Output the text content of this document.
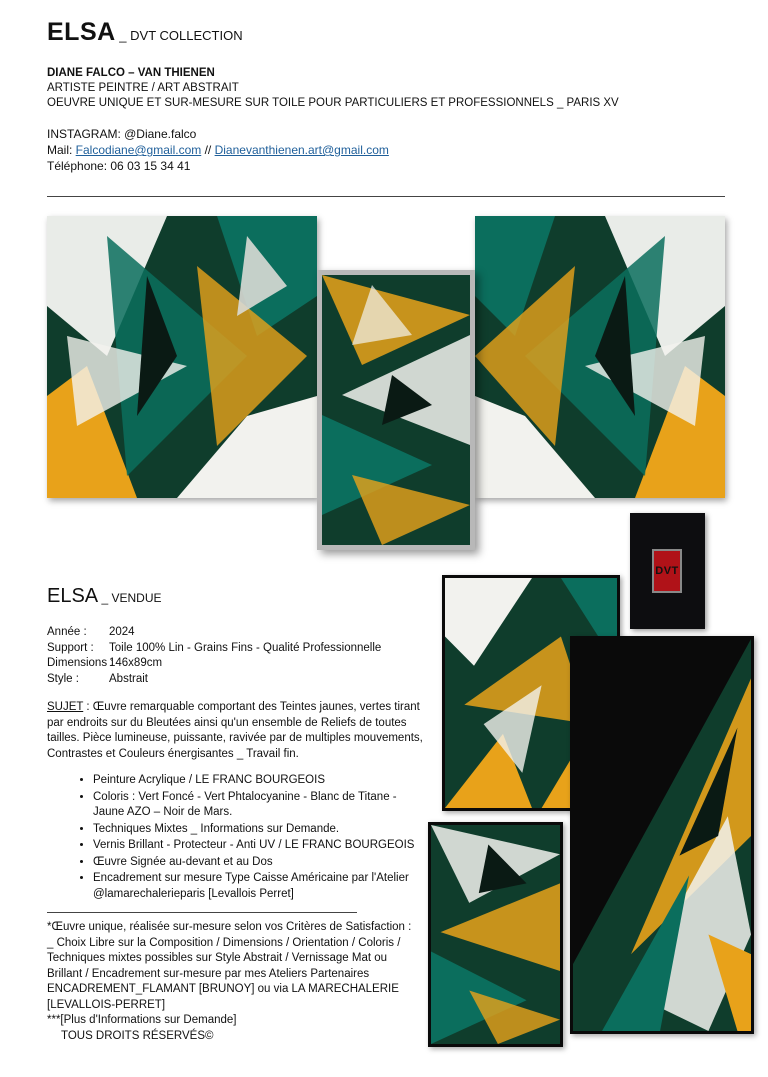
ELSA _ DVT COLLECTION
DIANE FALCO – VAN THIENEN
ARTISTE PEINTRE / ART ABSTRAIT
OEUVRE UNIQUE ET SUR-MESURE SUR TOILE POUR PARTICULIERS ET PROFESSIONNELS _ PARIS XV
INSTAGRAM: @Diane.falco
Mail: Falcodiane@gmail.com // Dianevanthienen.art@gmail.com
Téléphone: 06 03 15 34 41
DVT
ELSA _ VENDUE
Année : 2024
Support : Toile 100% Lin - Grains Fins - Qualité Professionnelle
Dimensions :146x89cm
Style :	Abstrait
SUJET : Œuvre remarquable comportant des Teintes jaunes, vertes tirant par endroits sur du Bleutées ainsi qu'un ensemble de Reliefs de toutes tailles. Pièce lumineuse, puissante, ravivée par de multiples mouvements, Contrastes et Couleurs énergisantes _ Travail fin.
• Peinture Acrylique / LE FRANC BOURGEOIS
• Coloris : Vert Foncé - Vert Phtalocyanine - Blanc de Titane - Jaune AZO – Noir de Mars.
• Techniques Mixtes _ Informations sur Demande.
• Vernis Brillant - Protecteur - Anti UV / LE FRANC BOURGEOIS
• Œuvre Signée au-devant et au Dos
• Encadrement sur mesure Type Caisse Américaine par l'Atelier @lamarechalerieparis [Levallois Perret]
*Œuvre unique, réalisée sur-mesure selon vos Critères de Satisfaction :
_ Choix Libre sur la Composition / Dimensions / Orientation / Coloris / Techniques mixtes possibles sur Style Abstrait / Vernissage Mat ou Brillant / Encadrement sur-mesure par mes Ateliers Partenaires ENCADREMENT_FLAMANT [BRUNOY] ou via LA MARECHALERIE [LEVALLOIS-PERRET]
***[Plus d'Informations sur Demande]
TOUS DROITS RÉSERVÉS©
